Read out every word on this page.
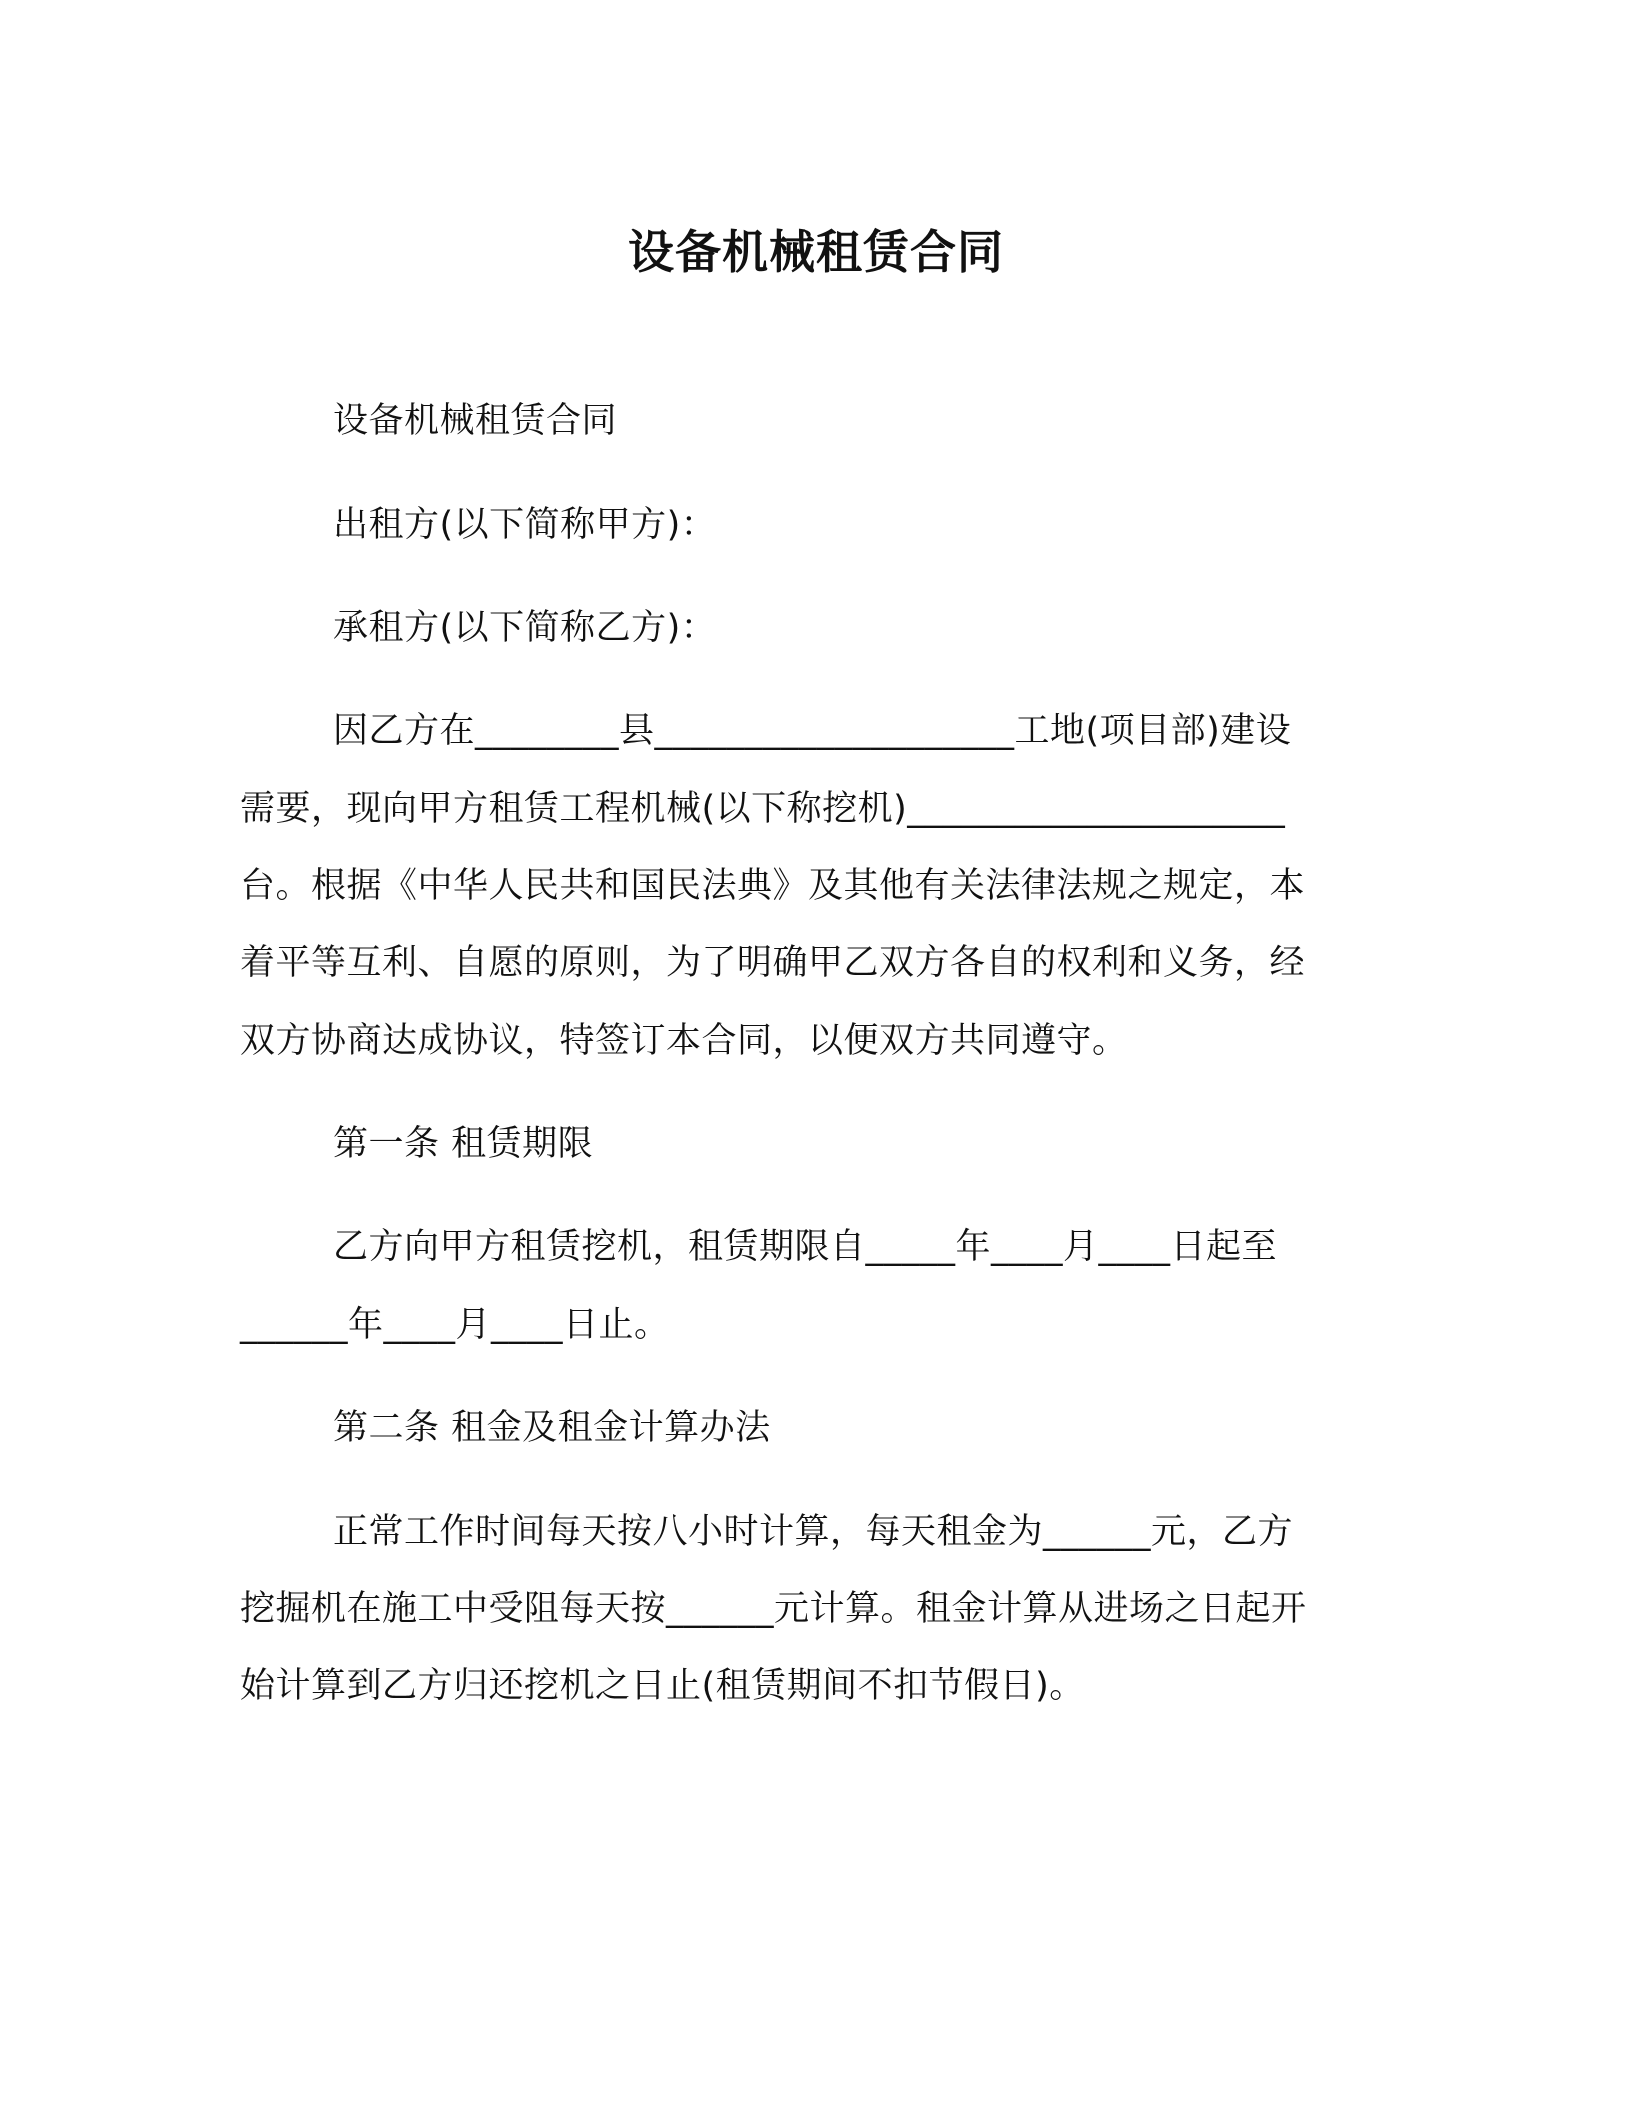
设备机械租赁合同
设备机械租赁合同
出租方(以下简称甲方)：
承租方(以下简称乙方)：
因乙方在________县____________________工地(项目部)建设
需要，现向甲方租赁工程机械(以下称挖机)_____________________
台。根据《中华人民共和国民法典》及其他有关法律法规之规定，本
着平等互利、自愿的原则，为了明确甲乙双方各自的权利和义务，经
双方协商达成协议，特签订本合同，以便双方共同遵守。
第一条 租赁期限
乙方向甲方租赁挖机，租赁期限自_____年____月____日起至
______年____月____日止。
第二条 租金及租金计算办法
正常工作时间每天按八小时计算，每天租金为______元，乙方
挖掘机在施工中受阻每天按______元计算。租金计算从进场之日起开
始计算到乙方归还挖机之日止(租赁期间不扣节假日)。
